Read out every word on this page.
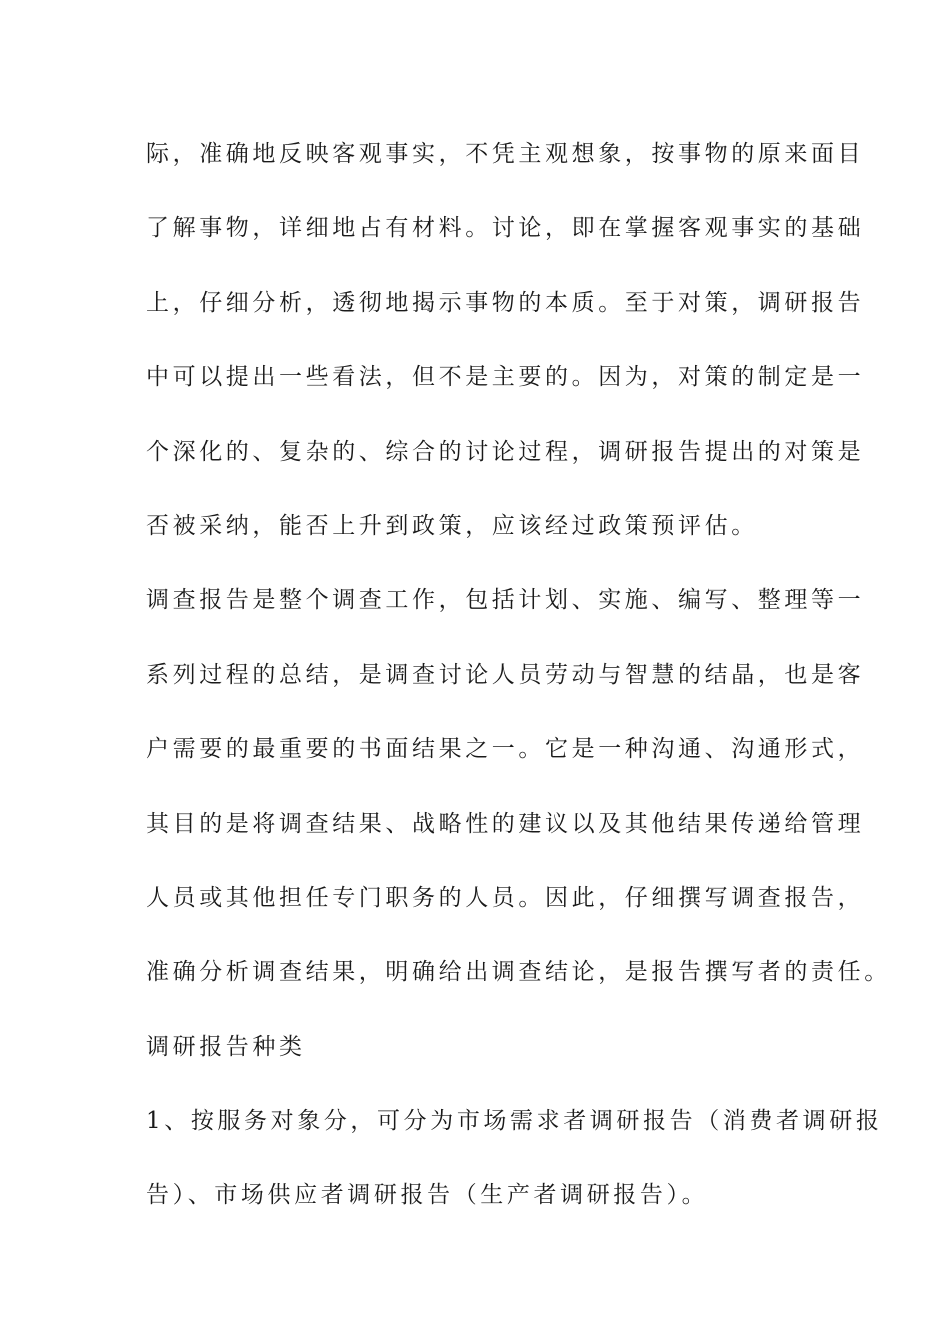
际，准确地反映客观事实，不凭主观想象，按事物的原来面目

了解事物，详细地占有材料。讨论，即在掌握客观事实的基础

上，仔细分析，透彻地揭示事物的本质。至于对策，调研报告

中可以提出一些看法，但不是主要的。因为，对策的制定是一

个深化的、复杂的、综合的讨论过程，调研报告提出的对策是

否被采纳，能否上升到政策，应该经过政策预评估。

调查报告是整个调查工作，包括计划、实施、编写、整理等一

系列过程的总结，是调查讨论人员劳动与智慧的结晶，也是客

户需要的最重要的书面结果之一。它是一种沟通、沟通形式，

其目的是将调查结果、战略性的建议以及其他结果传递给管理

人员或其他担任专门职务的人员。因此，仔细撰写调查报告，

准确分析调查结果，明确给出调查结论，是报告撰写者的责任。

调研报告种类

1、按服务对象分，可分为市场需求者调研报告（消费者调研报

告）、市场供应者调研报告（生产者调研报告）。
